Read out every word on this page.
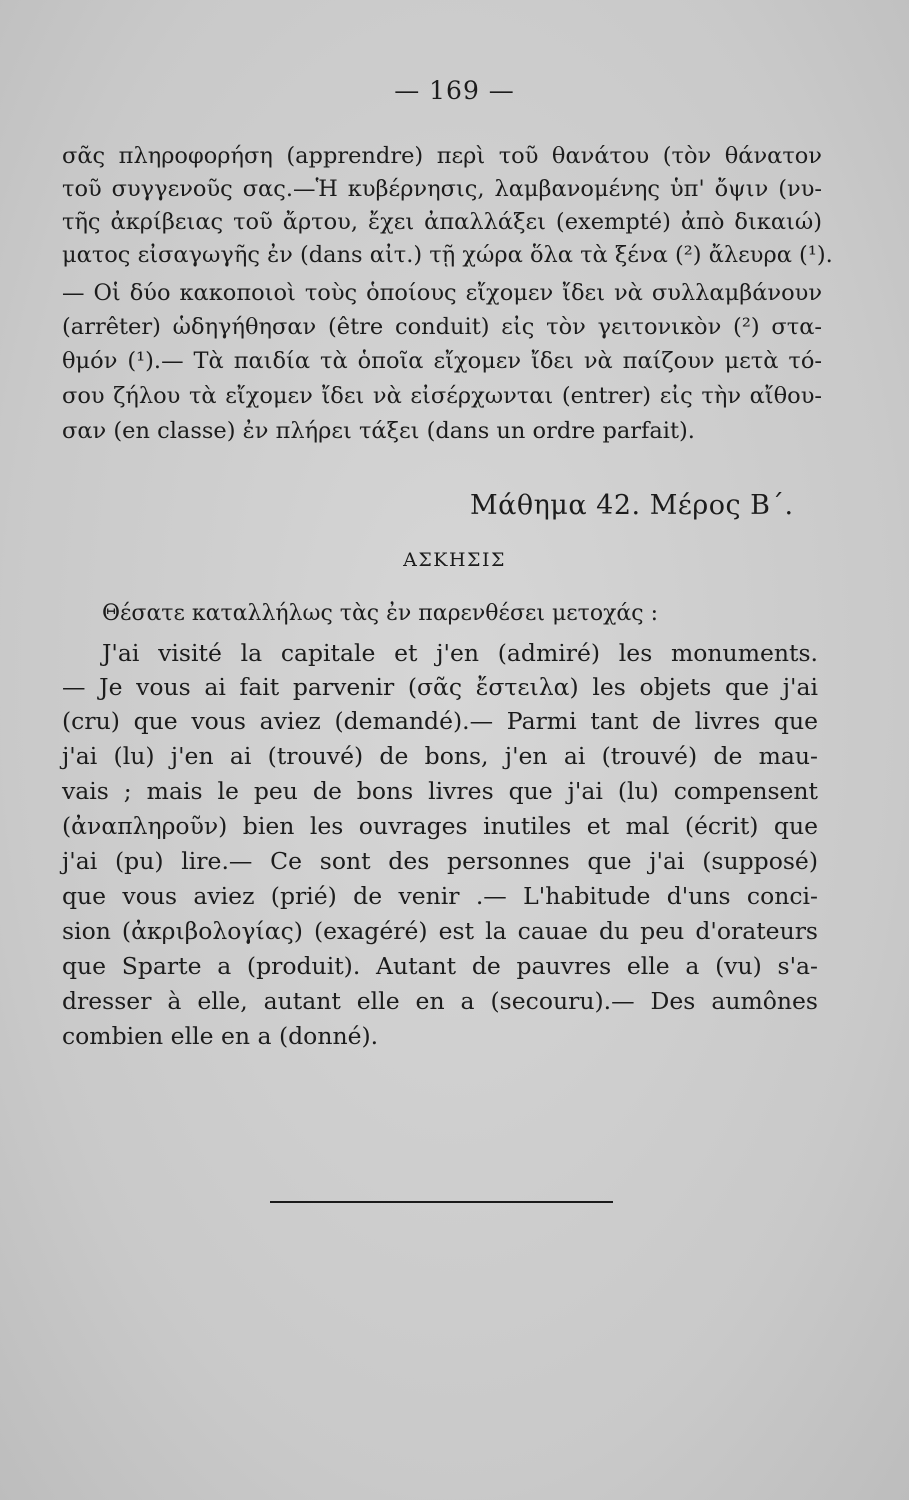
— 169 —
σᾶς πληροφορήση (apprendre) περὶ τοῦ θανάτου (τὸν θάνατον
τοῦ συγγενοῦς σας.—Ἡ κυβέρνησις, λαμβανομένης ὑπ' ὄψιν (νυ-
τῆς ἀκρίβειας τοῦ ἄρτου, ἔχει ἀπαλλάξει (exempté) ἀπὸ δικαιώ)
ματος εἰσαγωγῆς ἐν (dans αἰτ.) τῇ χώρα ὅλα τὰ ξένα (²) ἄλευρα (¹).
— Οἱ δύο κακοποιοὶ τοὺς ὁποίους εἴχομεν ἴδει νὰ συλλαμβάνουν
(arrêter) ὡδηγήθησαν (être conduit) εἰς τὸν γειτονικὸν (²) στα-
θμόν (¹).— Τὰ παιδία τὰ ὁποῖα εἴχομεν ἴδει νὰ παίζουν μετὰ τό-
σου ζήλου τὰ εἴχομεν ἴδει νὰ εἰσέρχωνται (entrer) εἰς τὴν αἴθου-
σαν (en classe) ἐν πλήρει τάξει (dans un ordre parfait).
Μάθημα 42. Μέρος Β΄.
ΑΣΚΗΣΙΣ
Θέσατε καταλλήλως τὰς ἐν παρενθέσει μετοχάς :
J'ai visité la capitale et j'en (admiré) les monuments.
— Je vous ai fait parvenir (σᾶς ἔστειλα) les objets que j'ai
(cru) que vous aviez (demandé).— Parmi tant de livres que
j'ai (lu) j'en ai (trouvé) de bons, j'en ai (trouvé) de mau-
vais ; mais le peu de bons livres que j'ai (lu) compensent
(ἀναπληροῦν) bien les ouvrages inutiles et mal (écrit) que
j'ai (pu) lire.— Ce sont des personnes que j'ai (supposé)
que vous aviez (prié) de venir .— L'habitude d'uns conci-
sion (ἀκριβολογίας) (exagéré) est la cauae du peu d'orateurs
que Sparte a (produit). Autant de pauvres elle a (vu) s'a-
dresser à elle, autant elle en a (secouru).— Des aumônes
combien elle en a (donné).
